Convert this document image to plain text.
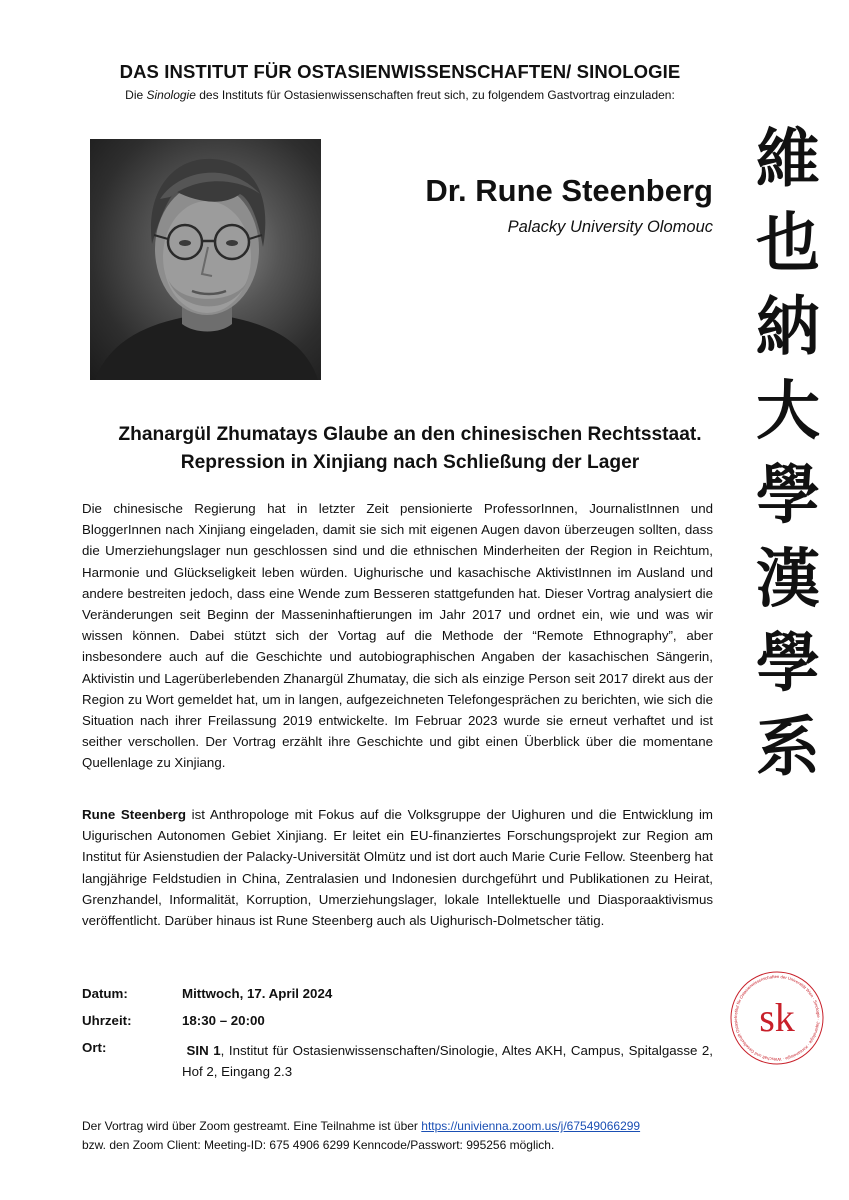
DAS INSTITUT FÜR OSTASIENWISSENSCHAFTEN/ SINOLOGIE
Die Sinologie des Instituts für Ostasienwissenschaften freut sich, zu folgendem Gastvortrag einzuladen:
Dr. Rune Steenberg
Palacky University Olomouc
Zhanargül Zhumatays Glaube an den chinesischen Rechtsstaat.
Repression in Xinjiang nach Schließung der Lager
Die chinesische Regierung hat in letzter Zeit pensionierte ProfessorInnen, JournalistInnen und BloggerInnen nach Xinjiang eingeladen, damit sie sich mit eigenen Augen davon überzeugen sollten, dass die Umerziehungslager nun geschlossen sind und die ethnischen Minderheiten der Region in Reichtum, Harmonie und Glückseligkeit leben würden. Uighurische und kasachische AktivistInnen im Ausland und andere bestreiten jedoch, dass eine Wende zum Besseren stattgefunden hat. Dieser Vortrag analysiert die Veränderungen seit Beginn der Masseninhaftierungen im Jahr 2017 und ordnet ein, wie und was wir wissen können. Dabei stützt sich der Vortag auf die Methode der “Remote Ethnography”, aber insbesondere auch auf die Geschichte und autobiographischen Angaben der kasachischen Sängerin, Aktivistin und Lagerüberlebenden Zhanargül Zhumatay, die sich als einzige Person seit 2017 direkt aus der Region zu Wort gemeldet hat, um in langen, aufgezeichneten Telefongesprächen zu berichten, wie sich die Situation nach ihrer Freilassung 2019 entwickelte. Im Februar 2023 wurde sie erneut verhaftet und ist seither verschollen. Der Vortrag erzählt ihre Geschichte und gibt einen Überblick über die momentane Quellenlage zu Xinjiang.
Rune Steenberg ist Anthropologe mit Fokus auf die Volksgruppe der Uighuren und die Entwicklung im Uigurischen Autonomen Gebiet Xinjiang. Er leitet ein EU-finanziertes Forschungsprojekt zur Region am Institut für Asienstudien der Palacky-Universität Olmütz und ist dort auch Marie Curie Fellow. Steenberg hat langjährige Feldstudien in China, Zentralasien und Indonesien durchgeführt und Publikationen zu Heirat, Grenzhandel, Informalität, Korruption, Umerziehungslager, lokale Intellektuelle und Diasporaaktivismus veröffentlicht. Darüber hinaus ist Rune Steenberg auch als Uighurisch-Dolmetscher tätig.
Datum:	Mittwoch, 17. April 2024
Uhrzeit:	18:30 – 20:00
Ort:	SIN 1, Institut für Ostasienwissenschaften/Sinologie, Altes AKH, Campus, Spitalgasse 2, Hof 2, Eingang 2.3
Der Vortrag wird über Zoom gestreamt. Eine Teilnahme ist über https://univienna.zoom.us/j/67549066299
bzw. den Zoom Client: Meeting-ID: 675 4906 6299 Kenncode/Passwort: 995256 möglich.
維
也
納
大
學
漢
學
系
Institut für Ostasienwissenschaften der Universität Wien · Sinologie · Japanologie · Koreanologie · Wirtschaft und Gesellschaft Ostasie sk
